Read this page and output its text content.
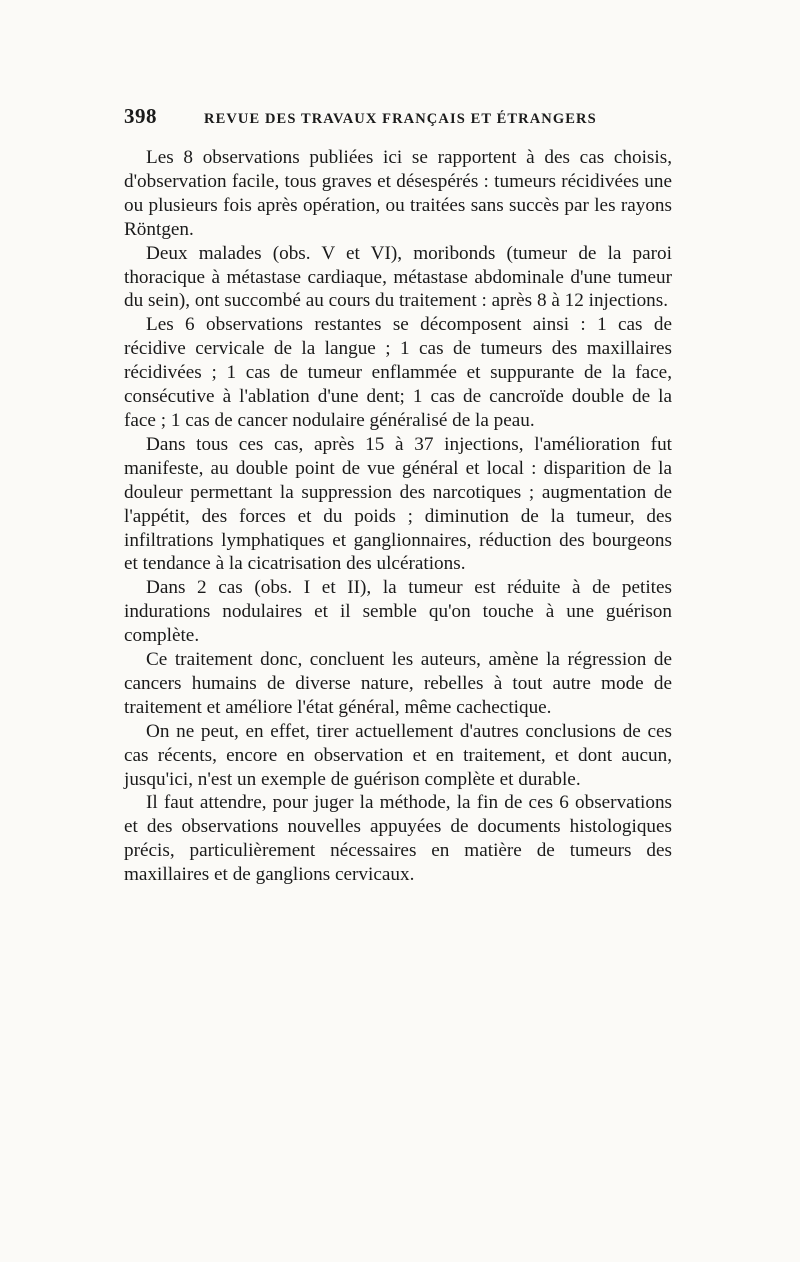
398	REVUE DES TRAVAUX FRANÇAIS ET ÉTRANGERS

Les 8 observations publiées ici se rapportent à des cas choisis, d'observation facile, tous graves et désespérés : tumeurs récidivées une ou plusieurs fois après opération, ou traitées sans succès par les rayons Röntgen.

Deux malades (obs. V et VI), moribonds (tumeur de la paroi thoracique à métastase cardiaque, métastase abdominale d'une tumeur du sein), ont succombé au cours du traitement : après 8 à 12 injections.

Les 6 observations restantes se décomposent ainsi : 1 cas de récidive cervicale de la langue ; 1 cas de tumeurs des maxillaires récidivées ; 1 cas de tumeur enflammée et suppurante de la face, consécutive à l'ablation d'une dent; 1 cas de cancroïde double de la face ; 1 cas de cancer nodulaire généralisé de la peau.

Dans tous ces cas, après 15 à 37 injections, l'amélioration fut manifeste, au double point de vue général et local : disparition de la douleur permettant la suppression des narcotiques ; augmentation de l'appétit, des forces et du poids ; diminution de la tumeur, des infiltrations lymphatiques et ganglionnaires, réduction des bourgeons et tendance à la cicatrisation des ulcérations.

Dans 2 cas (obs. I et II), la tumeur est réduite à de petites indurations nodulaires et il semble qu'on touche à une guérison complète.

Ce traitement donc, concluent les auteurs, amène la régression de cancers humains de diverse nature, rebelles à tout autre mode de traitement et améliore l'état général, même cachectique.

On ne peut, en effet, tirer actuellement d'autres conclusions de ces cas récents, encore en observation et en traitement, et dont aucun, jusqu'ici, n'est un exemple de guérison complète et durable.

Il faut attendre, pour juger la méthode, la fin de ces 6 observations et des observations nouvelles appuyées de documents histologiques précis, particulièrement nécessaires en matière de tumeurs des maxillaires et de ganglions cervicaux.
